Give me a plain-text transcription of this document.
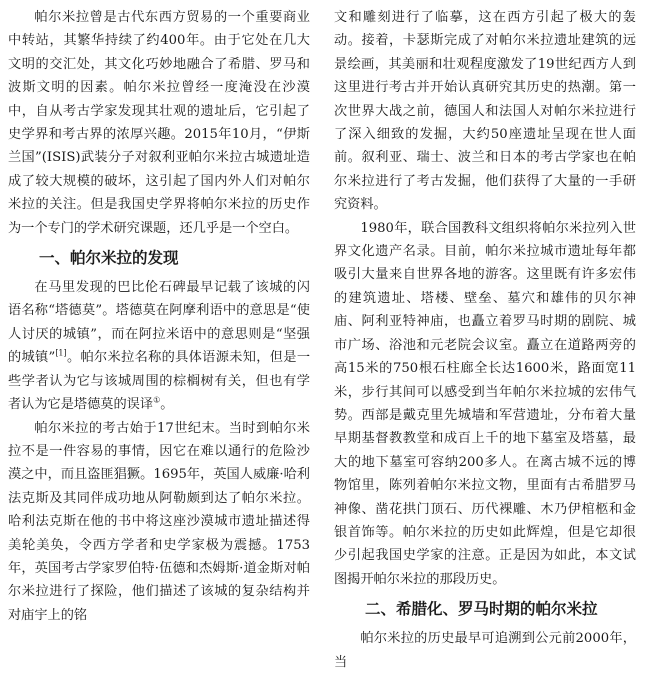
帕尔米拉曾是古代东西方贸易的一个重要商业中转站，其繁华持续了约400年。由于它处在几大文明的交汇处，其文化巧妙地融合了希腊、罗马和波斯文明的因素。帕尔米拉曾经一度淹没在沙漠中，自从考古学家发现其壮观的遗址后，它引起了史学界和考古界的浓厚兴趣。2015年10月，“伊斯兰国”(ISIS)武装分子对叙利亚帕尔米拉古城遗址造成了较大规模的破坏，这引起了国内外人们对帕尔米拉的关注。但是我国史学界将帕尔米拉的历史作为一个专门的学术研究课题，还几乎是一个空白。

一、帕尔米拉的发现

在马里发现的巴比伦石碑最早记载了该城的闪语名称“塔德莫”。塔德莫在阿摩利语中的意思是“使人讨厌的城镇”，而在阿拉米语中的意思则是“坚强的城镇”[1]。帕尔米拉名称的具体语源未知，但是一些学者认为它与该城周围的棕榈树有关，但也有学者认为它是塔德莫的误译①。

帕尔米拉的考古始于17世纪末。当时到帕尔米拉不是一件容易的事情，因它在难以通行的危险沙漠之中，而且盗匪猖獗。1695年，英国人威廉·哈利法克斯及其同伴成功地从阿勒颇到达了帕尔米拉。哈利法克斯在他的书中将这座沙漠城市遗址描述得美轮美奂，令西方学者和史学家极为震撼。1753年，英国考古学家罗伯特·伍德和杰姆斯·道金斯对帕尔米拉进行了探险，他们描述了该城的复杂结构并对庙宇上的铭

文和雕刻进行了临摹，这在西方引起了极大的轰动。接着，卡瑟斯完成了对帕尔米拉遗址建筑的远景绘画，其美丽和壮观程度激发了19世纪西方人到这里进行考古并开始认真研究其历史的热潮。第一次世界大战之前，德国人和法国人对帕尔米拉进行了深入细致的发掘，大约50座遗址呈现在世人面前。叙利亚、瑞士、波兰和日本的考古学家也在帕尔米拉进行了考古发掘，他们获得了大量的一手研究资料。

1980年，联合国教科文组织将帕尔米拉列入世界文化遗产名录。目前，帕尔米拉城市遗址每年都吸引大量来自世界各地的游客。这里既有许多宏伟的建筑遗址、塔楼、壁垒、墓穴和雄伟的贝尔神庙、阿利亚特神庙，也矗立着罗马时期的剧院、城市广场、浴池和元老院会议室。矗立在道路两旁的高15米的750根石柱廊全长达1600米，路面宽11米，步行其间可以感受到当年帕尔米拉城的宏伟气势。西部是戴克里先城墙和军营遗址，分布着大量早期基督教教堂和成百上千的地下墓室及塔墓，最大的地下墓室可容纳200多人。在离古城不远的博物馆里，陈列着帕尔米拉文物，里面有古希腊罗马神像、凿花拱门顶石、历代裸雕、木乃伊棺柩和金银首饰等。帕尔米拉的历史如此辉煌，但是它却很少引起我国史学家的注意。正是因为如此，本文试图揭开帕尔米拉的那段历史。

二、希腊化、罗马时期的帕尔米拉

帕尔米拉的历史最早可追溯到公元前2000年，当
